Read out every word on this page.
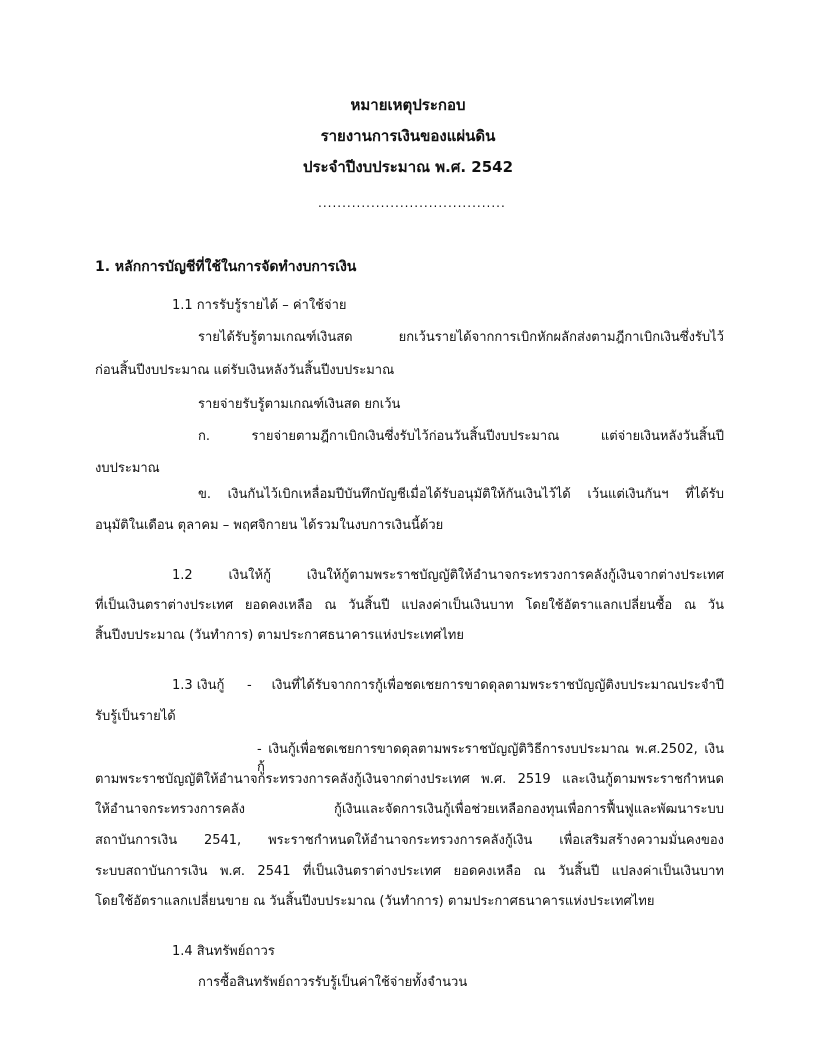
หมายเหตุประกอบ
รายงานการเงินของแผ่นดิน
ประจำปีงบประมาณ พ.ศ. 2542
.......................................
1. หลักการบัญชีที่ใช้ในการจัดทำงบการเงิน
1.1 การรับรู้รายได้ – ค่าใช้จ่าย
รายได้รับรู้ตามเกณฑ์เงินสด ยกเว้นรายได้จากการเบิกหักผลักส่งตามฎีกาเบิกเงินซึ่งรับไว้
ก่อนสิ้นปีงบประมาณ แต่รับเงินหลังวันสิ้นปีงบประมาณ
รายจ่ายรับรู้ตามเกณฑ์เงินสด ยกเว้น
ก. รายจ่ายตามฎีกาเบิกเงินซึ่งรับไว้ก่อนวันสิ้นปีงบประมาณ แต่จ่ายเงินหลังวันสิ้นปี
งบประมาณ
ข. เงินกันไว้เบิกเหลื่อมปีบันทึกบัญชีเมื่อได้รับอนุมัติให้กันเงินไว้ได้ เว้นแต่เงินกันฯ ที่ได้รับ
อนุมัติในเดือน ตุลาคม – พฤศจิกายน ได้รวมในงบการเงินนี้ด้วย
1.2 เงินให้กู้ เงินให้กู้ตามพระราชบัญญัติให้อำนาจกระทรวงการคลังกู้เงินจากต่างประเทศ
ที่เป็นเงินตราต่างประเทศ ยอดคงเหลือ ณ วันสิ้นปี แปลงค่าเป็นเงินบาท โดยใช้อัตราแลกเปลี่ยนซื้อ ณ วัน
สิ้นปีงบประมาณ (วันทำการ) ตามประกาศธนาคารแห่งประเทศไทย
1.3 เงินกู้ - เงินที่ได้รับจากการกู้เพื่อชดเชยการขาดดุลตามพระราชบัญญัติงบประมาณประจำปี
รับรู้เป็นรายได้
- เงินกู้เพื่อชดเชยการขาดดุลตามพระราชบัญญัติวิธีการงบประมาณ พ.ศ.2502, เงินกู้
ตามพระราชบัญญัติให้อำนาจกระทรวงการคลังกู้เงินจากต่างประเทศ พ.ศ. 2519 และเงินกู้ตามพระราชกำหนด
ให้อำนาจกระทรวงการคลัง กู้เงินและจัดการเงินกู้เพื่อช่วยเหลือกองทุนเพื่อการฟื้นฟูและพัฒนาระบบ
สถาบันการเงิน 2541, พระราชกำหนดให้อำนาจกระทรวงการคลังกู้เงิน เพื่อเสริมสร้างความมั่นคงของ
ระบบสถาบันการเงิน พ.ศ. 2541 ที่เป็นเงินตราต่างประเทศ ยอดคงเหลือ ณ วันสิ้นปี แปลงค่าเป็นเงินบาท
โดยใช้อัตราแลกเปลี่ยนขาย ณ วันสิ้นปีงบประมาณ (วันทำการ) ตามประกาศธนาคารแห่งประเทศไทย
1.4 สินทรัพย์ถาวร
การซื้อสินทรัพย์ถาวรรับรู้เป็นค่าใช้จ่ายทั้งจำนวน
